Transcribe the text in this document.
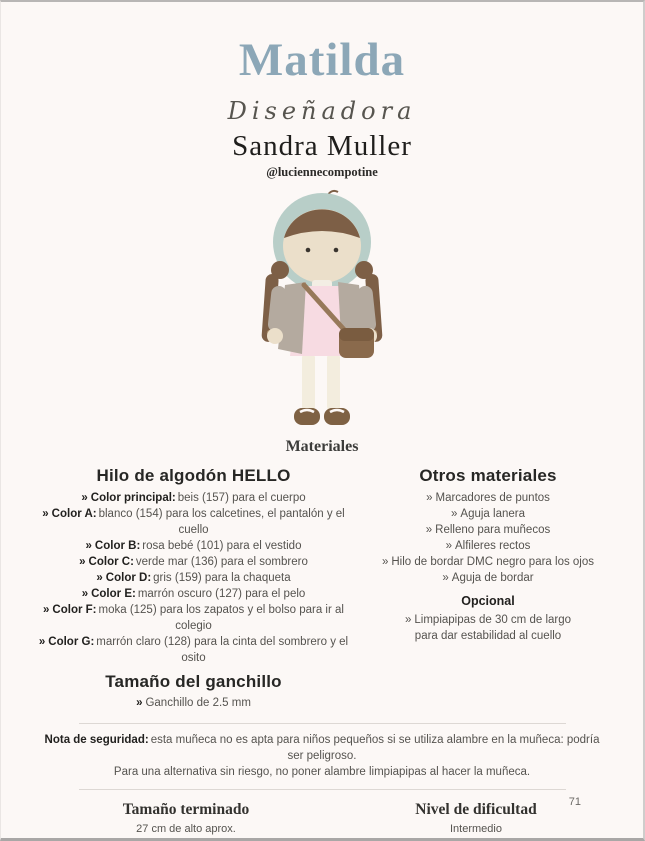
Matilda
Diseñadora
Sandra Muller
@luciennecompotine
Materiales
Hilo de algodón HELLO
» Color principal: beis (157) para el cuerpo
» Color A: blanco (154) para los calcetines, el pantalón y el cuello
» Color B: rosa bebé (101) para el vestido
» Color C: verde mar (136) para el sombrero
» Color D: gris (159) para la chaqueta
» Color E: marrón oscuro (127) para el pelo
» Color F: moka (125) para los zapatos y el bolso para ir al colegio
» Color G: marrón claro (128) para la cinta del sombrero y el osito
Tamaño del ganchillo
» Ganchillo de 2.5 mm
Otros materiales
» Marcadores de puntos
» Aguja lanera
» Relleno para muñecos
» Alfileres rectos
» Hilo de bordar DMC negro para los ojos
» Aguja de bordar
Opcional
» Limpiapipas de 30 cm de largo
para dar estabilidad al cuello
Nota de seguridad: esta muñeca no es apta para niños pequeños si se utiliza alambre en la muñeca: podría ser peligroso.
Para una alternativa sin riesgo, no poner alambre limpiapipas al hacer la muñeca.
Tamaño terminado
27 cm de alto aprox.
Nivel de dificultad
Intermedio
71
